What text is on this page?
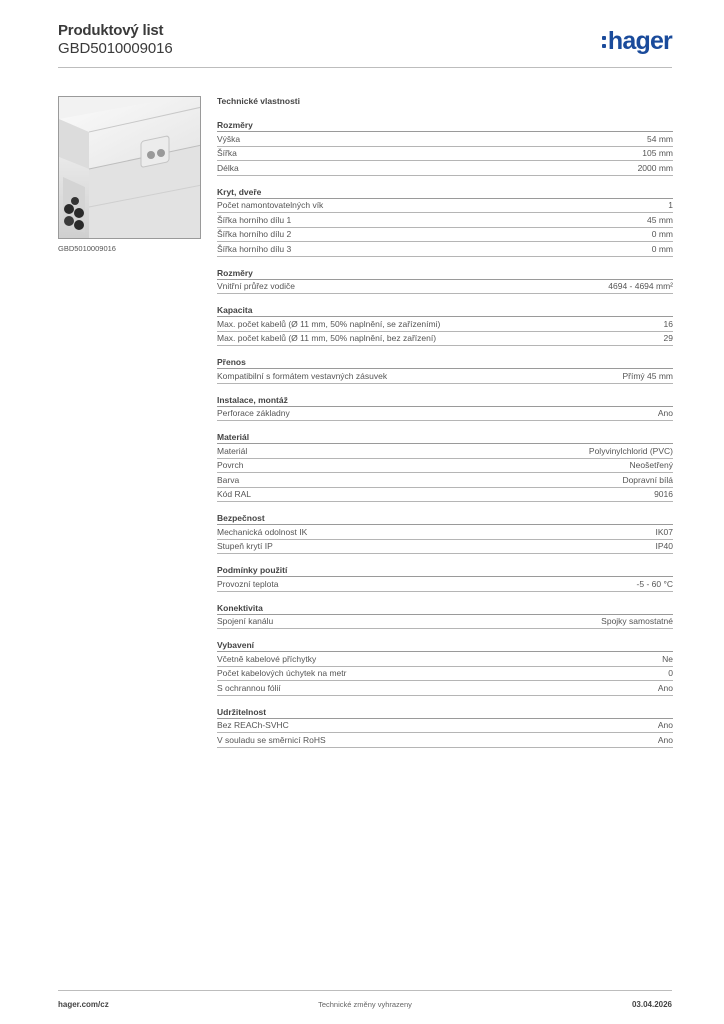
Produktový list
GBD5010009016	hager
GBD5010009016
Technické vlastnosti
Rozměry
Výška	54 mm
Šířka	105 mm
Délka	2000 mm
Kryt, dveře
Počet namontovatelných vík	1
Šířka horního dílu 1	45 mm
Šířka horního dílu 2	0 mm
Šířka horního dílu 3	0 mm
Rozměry
Vnitřní průřez vodiče	4694 - 4694 mm²
Kapacita
Max. počet kabelů (Ø 11 mm, 50% naplnění, se zařízeními)	16
Max. počet kabelů (Ø 11 mm, 50% naplnění, bez zařízení)	29
Přenos
Kompatibilní s formátem vestavných zásuvek	Přímý 45 mm
Instalace, montáž
Perforace základny	Ano
Materiál
Materiál	Polyvinylchlorid (PVC)
Povrch	Neošetřený
Barva	Dopravní bílá
Kód RAL	9016
Bezpečnost
Mechanická odolnost IK	IK07
Stupeň krytí IP	IP40
Podmínky použití
Provozní teplota	-5 - 60 °C
Konektivita
Spojení kanálu	Spojky samostatné
Vybavení
Včetně kabelové příchytky	Ne
Počet kabelových úchytek na metr	0
S ochrannou fólií	Ano
Udržitelnost
Bez REACh-SVHC	Ano
V souladu se směrnicí RoHS	Ano
hager.com/cz	Technické změny vyhrazeny	03.04.2026
